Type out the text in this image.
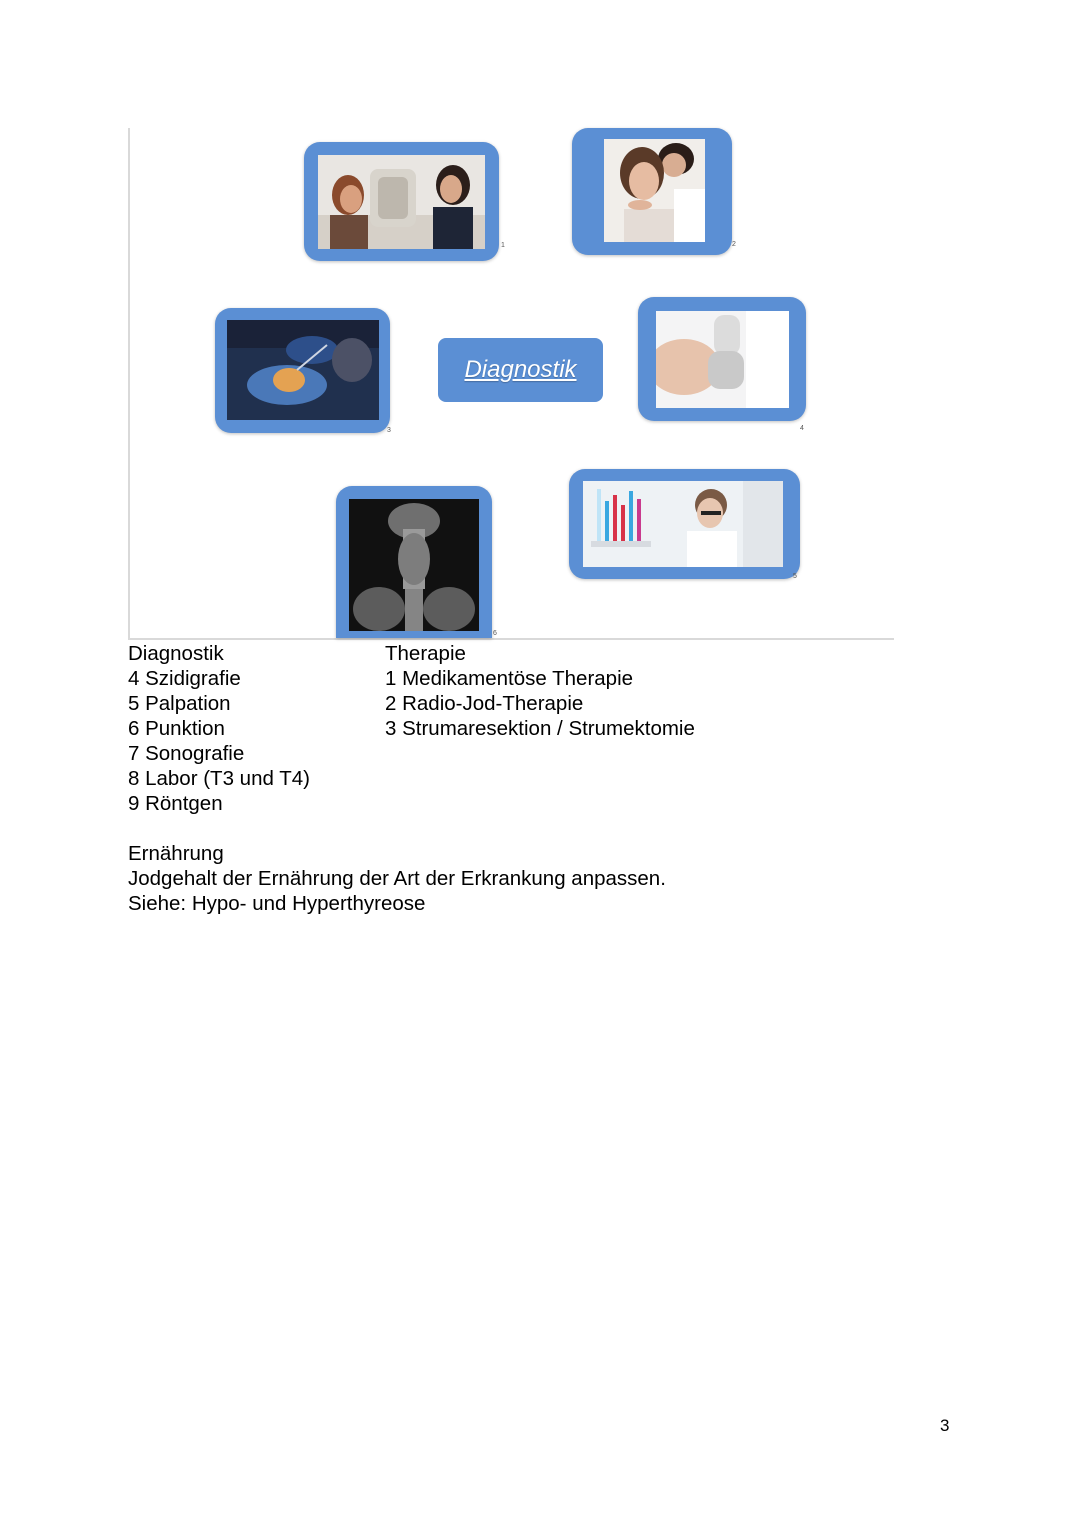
1	2
3
Diagnostik
4
5
6
Diagnostik
4 Szidigrafie
5 Palpation
6 Punktion
7 Sonografie
8 Labor (T3 und T4)
9 Röntgen
Therapie
1 Medikamentöse Therapie
2 Radio-Jod-Therapie
3 Strumaresektion / Strumektomie
Ernährung
Jodgehalt der Ernährung der Art der Erkrankung anpassen.
Siehe: Hypo- und Hyperthyreose
3
